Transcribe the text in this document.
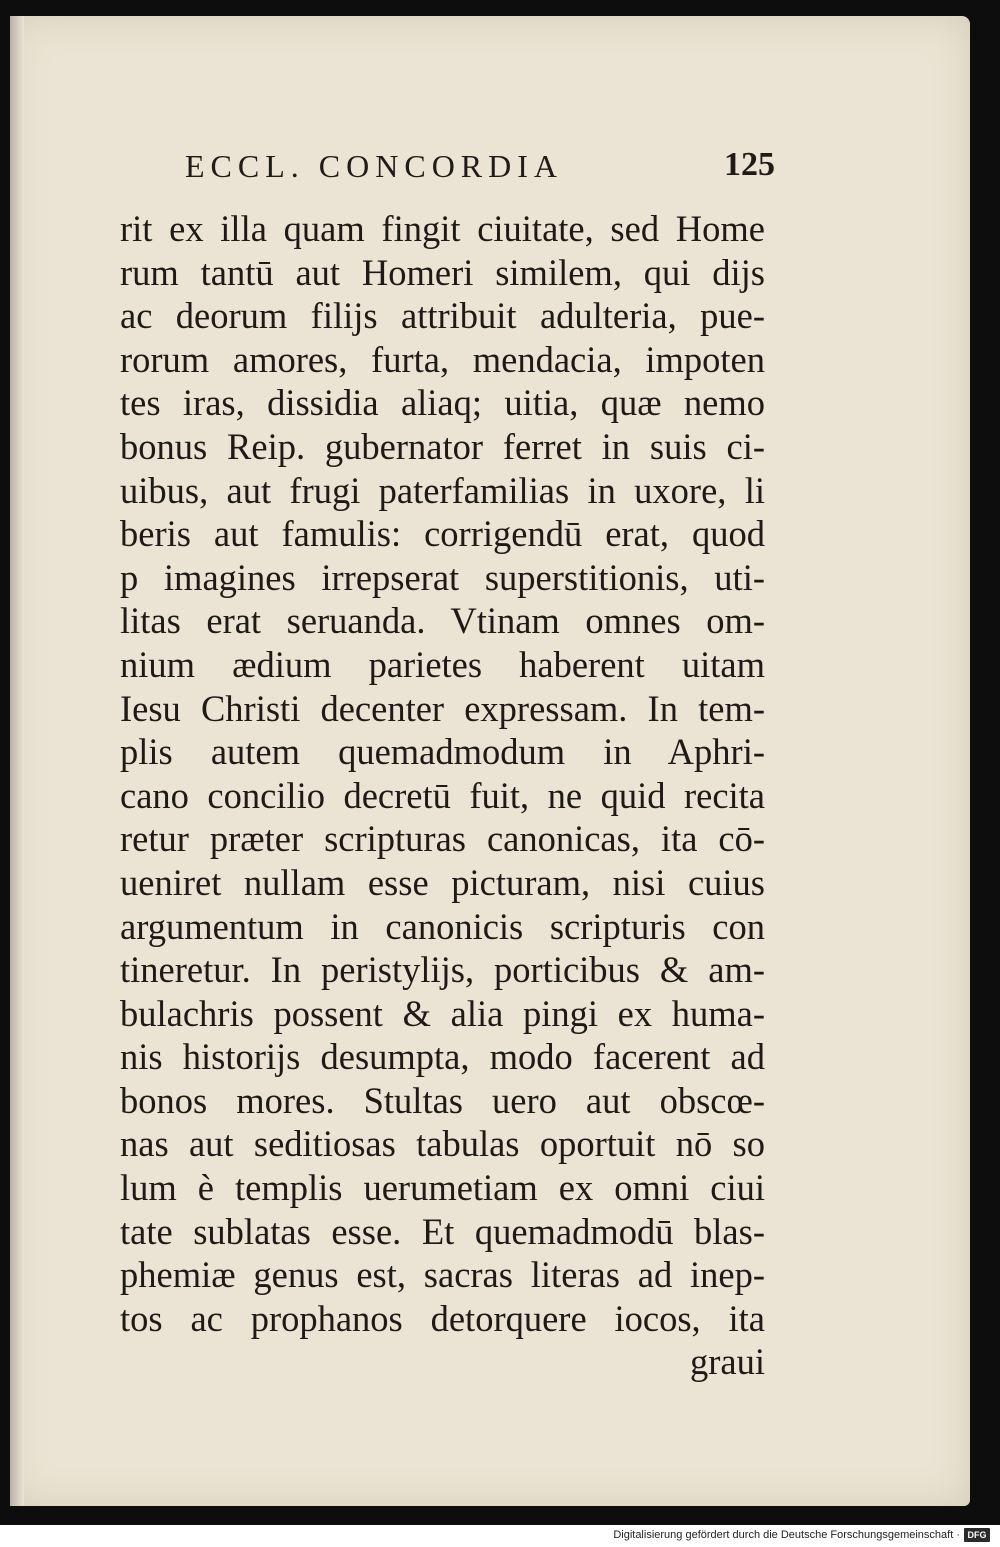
ECCL. CONCORDIA	125
rit ex illa quam fingit ciuitate, sed Home
rum tantū aut Homeri similem, qui dijs
ac deorum filijs attribuit adulteria, pue-
rorum amores, furta, mendacia, impoten
tes iras, dissidia aliaq; uitia, quæ nemo
bonus Reip. gubernator ferret in suis ci-
uibus, aut frugi paterfamilias in uxore, li
beris aut famulis: corrigendū erat, quod
p imagines irrepserat superstitionis, uti-
litas erat seruanda. Vtinam omnes om-
nium ædium parietes haberent uitam
Iesu Christi decenter expressam. In tem-
plis autem quemadmodum in Aphri-
cano concilio decretū fuit, ne quid recita
retur præter scripturas canonicas, ita cō-
ueniret nullam esse picturam, nisi cuius
argumentum in canonicis scripturis con
tineretur. In peristylijs, porticibus & am-
bulachris possent & alia pingi ex huma-
nis historijs desumpta, modo facerent ad
bonos mores. Stultas uero aut obscœ-
nas aut seditiosas tabulas oportuit nō so
lum è templis uerumetiam ex omni ciui
tate sublatas esse. Et quemadmodū blas-
phemiæ genus est, sacras literas ad inep-
tos ac prophanos detorquere iocos, ita
graui
Digitalisierung gefördert durch die Deutsche Forschungsgemeinschaft · DFG
